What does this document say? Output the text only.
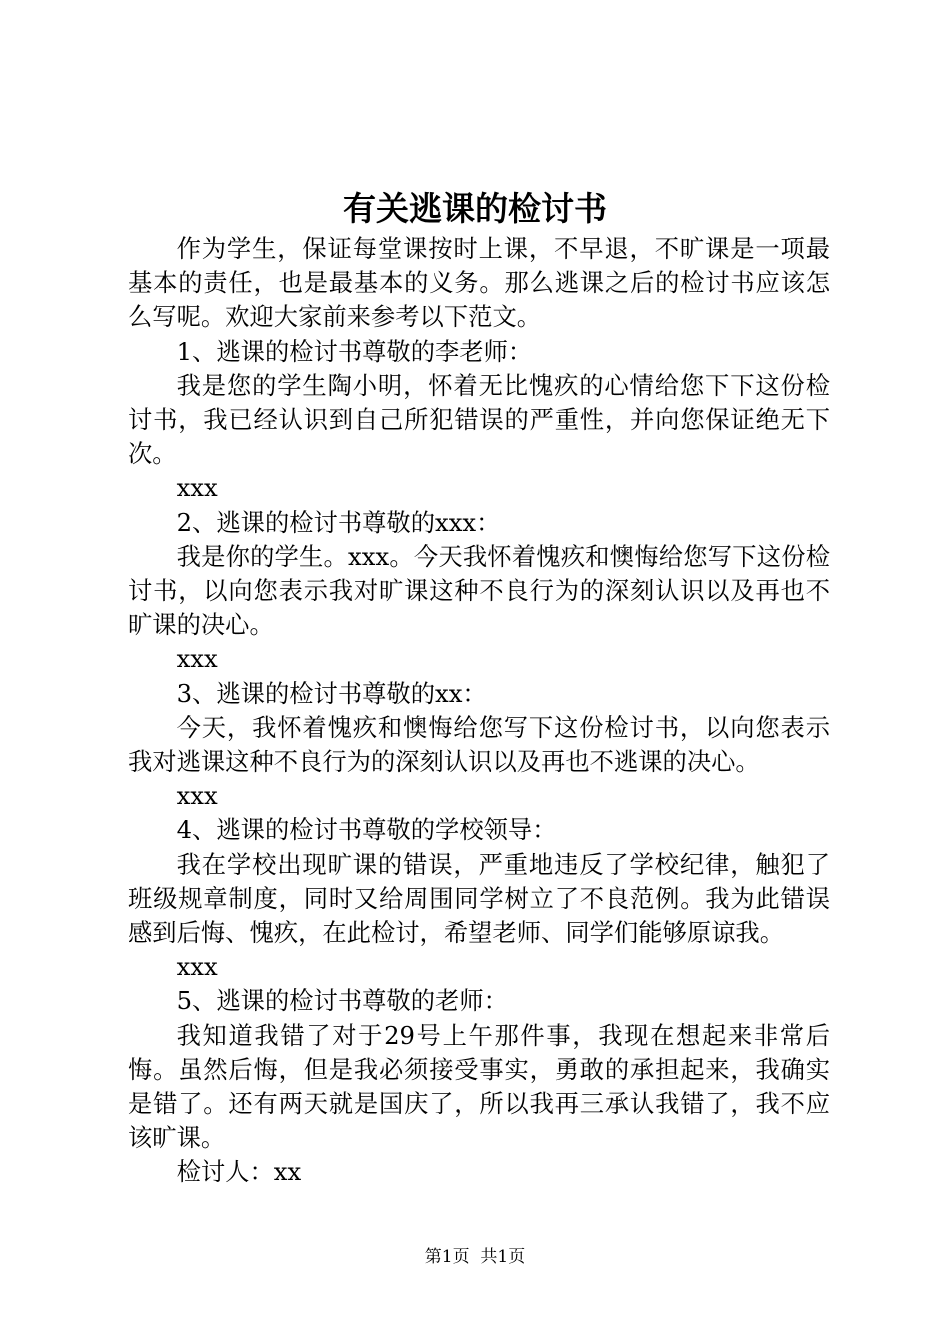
有关逃课的检讨书

作为学生，保证每堂课按时上课，不早退，不旷课是一项最基本的责任，也是最基本的义务。那么逃课之后的检讨书应该怎么写呢。欢迎大家前来参考以下范文。

1、逃课的检讨书尊敬的李老师：

我是您的学生陶小明，怀着无比愧疚的心情给您下下这份检讨书，我已经认识到自己所犯错误的严重性，并向您保证绝无下次。

xxx

2、逃课的检讨书尊敬的xxx：

我是你的学生。xxx。今天我怀着愧疚和懊悔给您写下这份检讨书，以向您表示我对旷课这种不良行为的深刻认识以及再也不旷课的决心。

xxx

3、逃课的检讨书尊敬的xx：

今天，我怀着愧疚和懊悔给您写下这份检讨书，以向您表示我对逃课这种不良行为的深刻认识以及再也不逃课的决心。

xxx

4、逃课的检讨书尊敬的学校领导：

我在学校出现旷课的错误，严重地违反了学校纪律，触犯了班级规章制度，同时又给周围同学树立了不良范例。我为此错误感到后悔、愧疚，在此检讨，希望老师、同学们能够原谅我。

xxx

5、逃课的检讨书尊敬的老师：

我知道我错了对于29号上午那件事，我现在想起来非常后悔。虽然后悔，但是我必须接受事实，勇敢的承担起来，我确实是错了。还有两天就是国庆了，所以我再三承认我错了，我不应该旷课。

检讨人：xx

第1页  共1页
